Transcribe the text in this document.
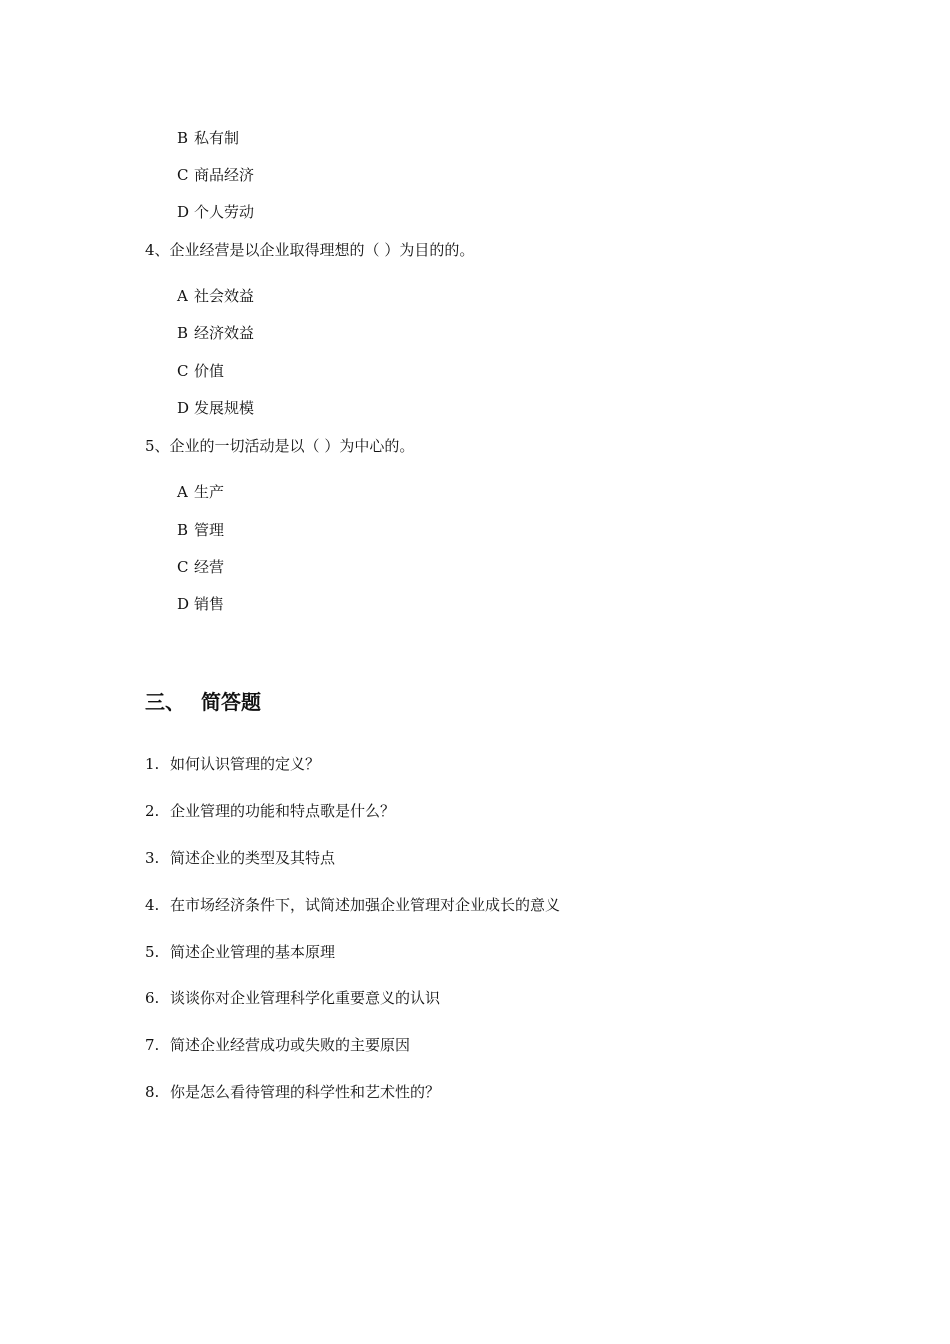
B 私有制
C 商品经济
D 个人劳动
4、企业经营是以企业取得理想的（ ）为目的的。
A 社会效益
B 经济效益
C 价值
D 发展规模
5、企业的一切活动是以（ ）为中心的。
A 生产
B 管理
C 经营
D 销售
三、 简答题
1. 如何认识管理的定义？
2. 企业管理的功能和特点歌是什么？
3. 简述企业的类型及其特点
4. 在市场经济条件下，试简述加强企业管理对企业成长的意义
5. 简述企业管理的基本原理
6. 谈谈你对企业管理科学化重要意义的认识
7. 简述企业经营成功或失败的主要原因
8. 你是怎么看待管理的科学性和艺术性的？
